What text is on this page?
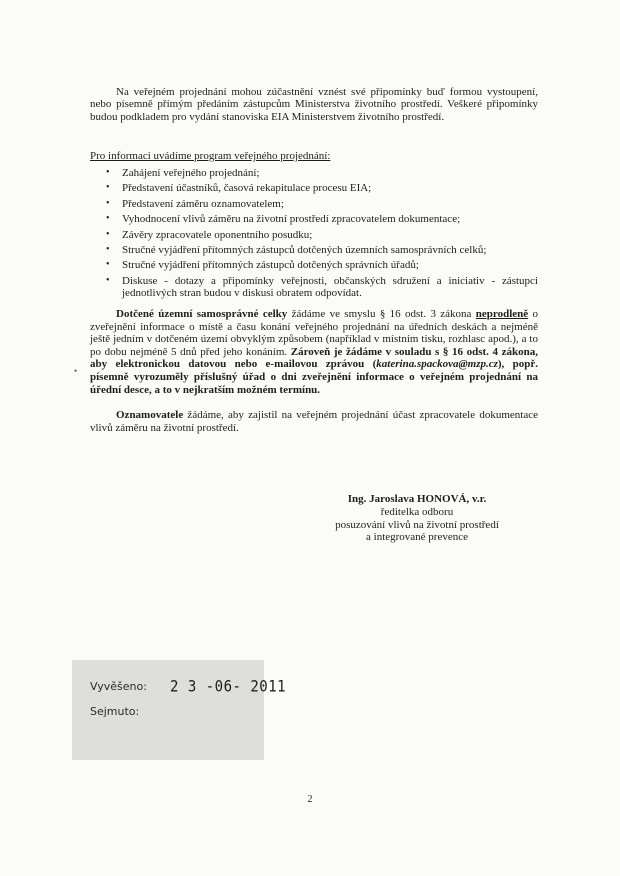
Na veřejném projednání mohou zúčastnění vznést své připomínky buď formou vystoupení, nebo písemně přímým předáním zástupcům Ministerstva životního prostředí. Veškeré připomínky budou podkladem pro vydání stanoviska EIA Ministerstvem životního prostředí.

Pro informaci uvádíme program veřejného projednání:

• Zahájení veřejného projednání;
• Představení účastníků, časová rekapitulace procesu EIA;
• Představení záměru oznamovatelem;
• Vyhodnocení vlivů záměru na životní prostředí zpracovatelem dokumentace;
• Závěry zpracovatele oponentního posudku;
• Stručné vyjádření přítomných zástupců dotčených územních samosprávních celků;
• Stručné vyjádření přítomných zástupců dotčených správních úřadů;
• Diskuse - dotazy a připomínky veřejnosti, občanských sdružení a iniciativ - zástupci jednotlivých stran budou v diskusi obratem odpovídat.

Dotčené územní samosprávné celky žádáme ve smyslu § 16 odst. 3 zákona neprodleně o zveřejnění informace o místě a času konání veřejného projednání na úředních deskách a nejméně ještě jedním v dotčeném území obvyklým způsobem (například v místním tisku, rozhlasc apod.), a to po dobu nejméně 5 dnů před jeho konáním. Zároveň je žádáme v souladu s § 16 odst. 4 zákona, aby elektronickou datovou nebo e-mailovou zprávou (katerina.spackova@mzp.cz), popř. písemně vyrozuměly příslušný úřad o dni zveřejnění informace o veřejném projednání na úřední desce, a to v nejkratším možném termínu.

•

Oznamovatele žádáme, aby zajistil na veřejném projednání účast zpracovatele dokumentace vlivů záměru na životní prostředí.

Ing. Jaroslava HONOVÁ, v.r.
ředitelka odboru
posuzování vlivů na životní prostředí
a integrované prevence
Vyvěšeno: 2 3 -06- 2011
Sejmuto:
2
